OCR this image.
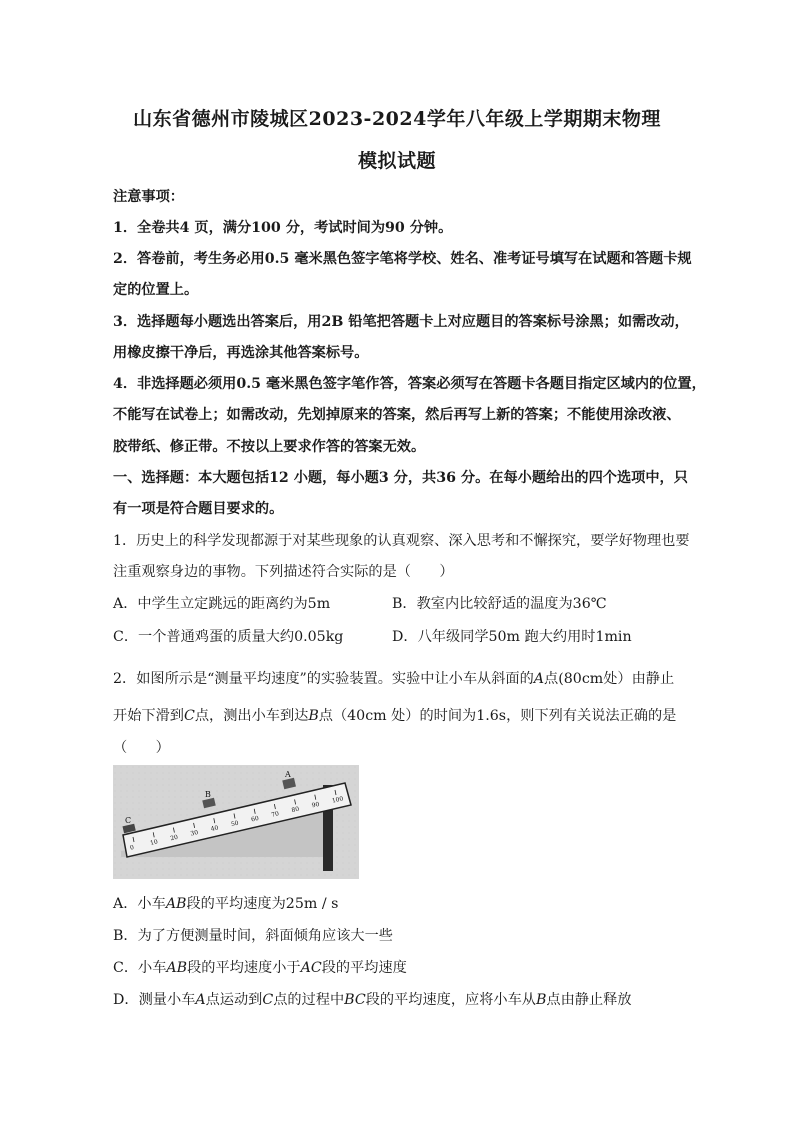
山东省德州市陵城区2023-2024学年八年级上学期期末物理
模拟试题
注意事项：
1．全卷共4 页，满分100 分，考试时间为90 分钟。
2．答卷前，考生务必用0.5 毫米黑色签字笔将学校、姓名、准考证号填写在试题和答题卡规
定的位置上。
3．选择题每小题选出答案后，用2B 铅笔把答题卡上对应题目的答案标号涂黑；如需改动，
用橡皮擦干净后，再选涂其他答案标号。
4．非选择题必须用0.5 毫米黑色签字笔作答，答案必须写在答题卡各题目指定区域内的位置，
不能写在试卷上；如需改动，先划掉原来的答案，然后再写上新的答案；不能使用涂改液、
胶带纸、修正带。不按以上要求作答的答案无效。
一、选择题：本大题包括12 小题，每小题3 分，共36 分。在每小题给出的四个选项中，只
有一项是符合题目要求的。
1．历史上的科学发现都源于对某些现象的认真观察、深入思考和不懈探究，要学好物理也要
注重观察身边的事物。下列描述符合实际的是（　　）
A．中学生立定跳远的距离约为5m	B．教室内比较舒适的温度为36℃
C．一个普通鸡蛋的质量大约0.05kg	D．八年级同学50m 跑大约用时1min
2．如图所示是“测量平均速度”的实验装置。实验中让小车从斜面的A点(80cm处）由静止
开始下滑到C点，测出小车到达B点（40cm 处）的时间为1.6s，则下列有关说法正确的是
（　　）
0
10
20
30
40
50
60
70
80
90
100
C
B
A
A．小车AB段的平均速度为25m / s
B．为了方便测量时间，斜面倾角应该大一些
C．小车AB段的平均速度小于AC段的平均速度
D．测量小车A点运动到C点的过程中BC段的平均速度，应将小车从B点由静止释放
